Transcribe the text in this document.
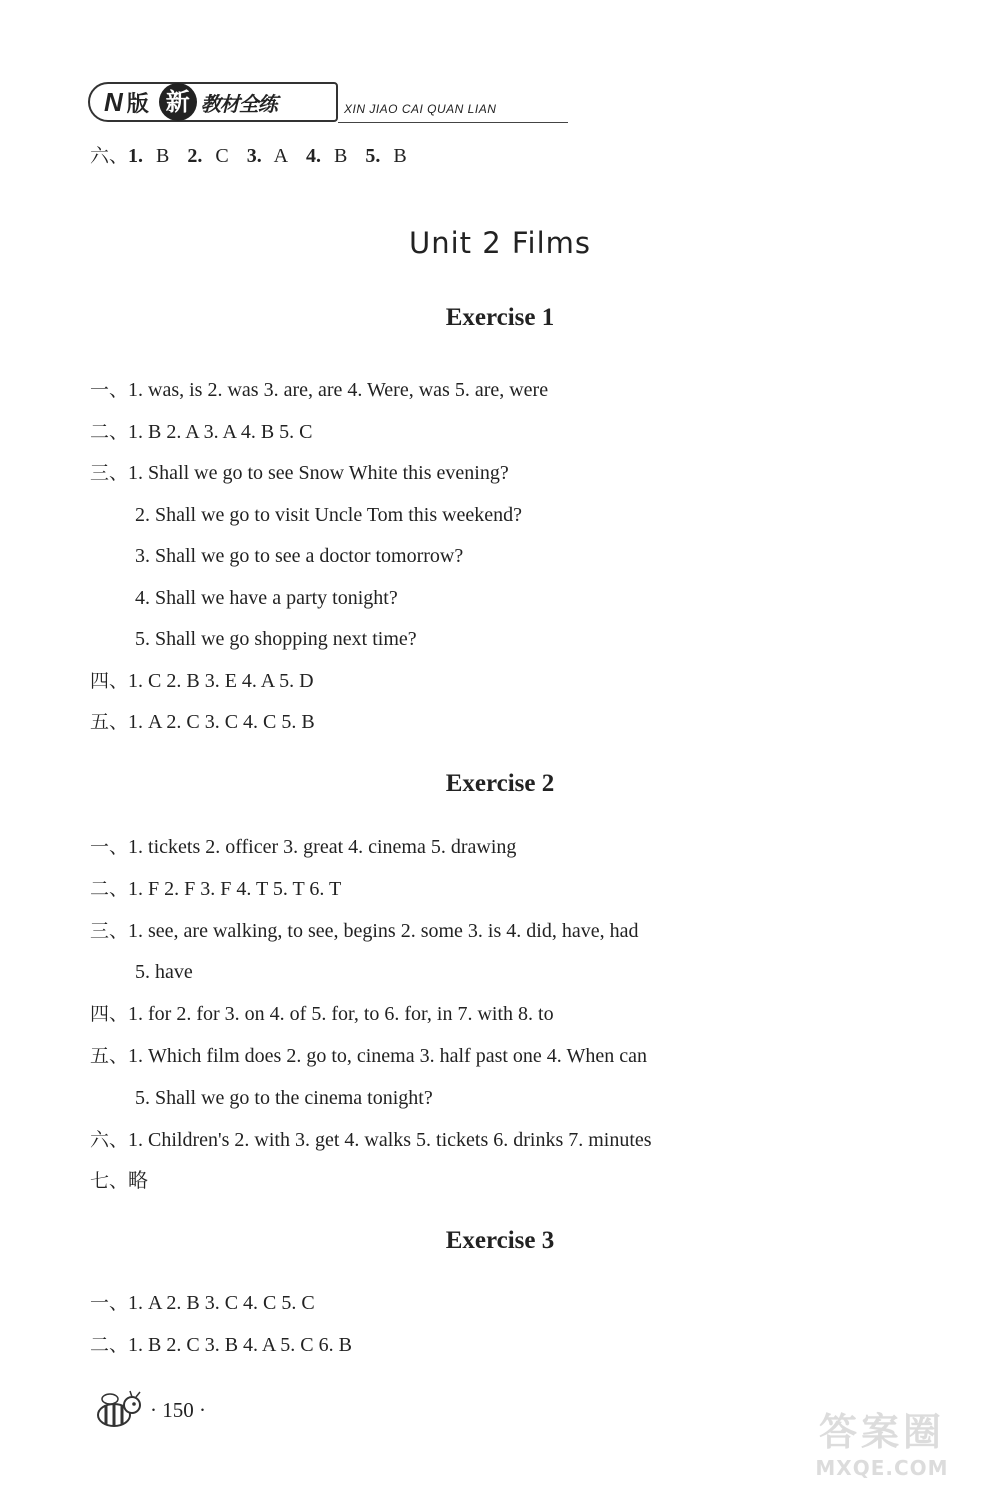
N 版 新 教材全练	XIN JIAO CAI QUAN LIAN
六、1. B 2. C 3. A 4. B 5. B
Unit 2 Films
Exercise 1
一、1. was, is 2. was 3. are, are 4. Were, was 5. are, were
二、1. B 2. A 3. A 4. B 5. C
三、1. Shall we go to see Snow White this evening?
2. Shall we go to visit Uncle Tom this weekend?
3. Shall we go to see a doctor tomorrow?
4. Shall we have a party tonight?
5. Shall we go shopping next time?
四、1. C 2. B 3. E 4. A 5. D
五、1. A 2. C 3. C 4. C 5. B
Exercise 2
一、1. tickets 2. officer 3. great 4. cinema 5. drawing
二、1. F 2. F 3. F 4. T 5. T 6. T
三、1. see, are walking, to see, begins 2. some 3. is 4. did, have, had
5. have
四、1. for 2. for 3. on 4. of 5. for, to 6. for, in 7. with 8. to
五、1. Which film does 2. go to, cinema 3. half past one 4. When can
5. Shall we go to the cinema tonight?
六、1. Children's 2. with 3. get 4. walks 5. tickets 6. drinks 7. minutes
七、略
Exercise 3
一、1. A 2. B 3. C 4. C 5. C
二、1. B 2. C 3. B 4. A 5. C 6. B
· 150 ·
答案圈
MXQE.COM
